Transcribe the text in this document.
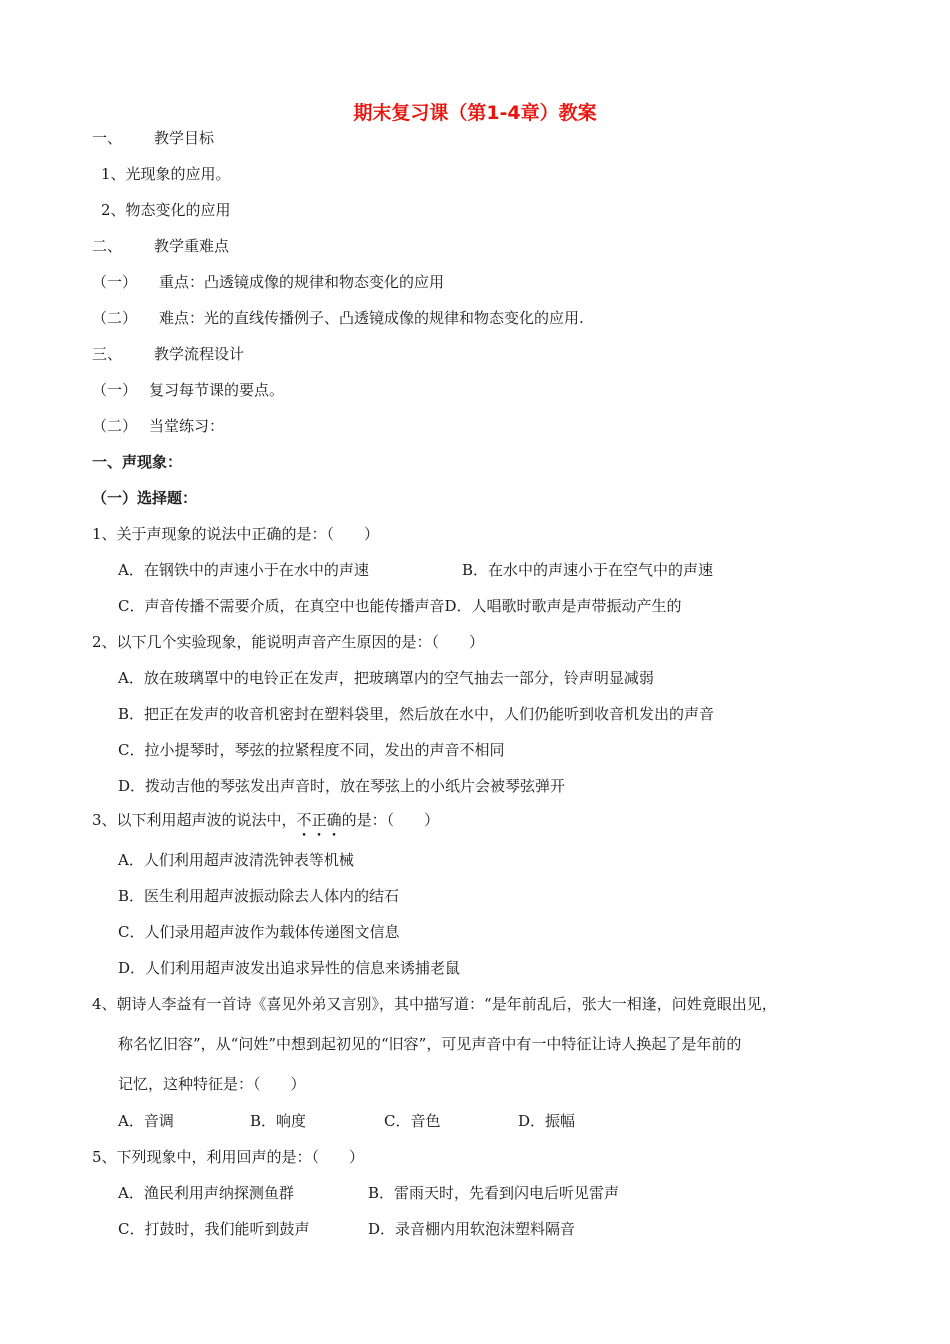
期末复习课（第1-4章）教案
一、 教学目标
1、光现象的应用。
2、物态变化的应用
二、 教学重难点
（一） 重点：凸透镜成像的规律和物态变化的应用
（二） 难点：光的直线传播例子、凸透镜成像的规律和物态变化的应用.
三、 教学流程设计
（一） 复习每节课的要点。
（二） 当堂练习：
一、声现象：
（一）选择题：
1、关于声现象的说法中正确的是：（　　）
A．在钢铁中的声速小于在水中的声速	B．在水中的声速小于在空气中的声速
C．声音传播不需要介质，在真空中也能传播声音D．人唱歌时歌声是声带振动产生的
2、以下几个实验现象，能说明声音产生原因的是：（　　）
A．放在玻璃罩中的电铃正在发声，把玻璃罩内的空气抽去一部分，铃声明显减弱
B．把正在发声的收音机密封在塑料袋里，然后放在水中，人们仍能听到收音机发出的声音
C．拉小提琴时，琴弦的拉紧程度不同，发出的声音不相同
D．拨动吉他的琴弦发出声音时，放在琴弦上的小纸片会被琴弦弹开
3、以下利用超声波的说法中，不正确的是：（　　）
A．人们利用超声波清洗钟表等机械
B．医生利用超声波振动除去人体内的结石
C．人们录用超声波作为载体传递图文信息
D．人们利用超声波发出追求异性的信息来诱捕老鼠
4、朝诗人李益有一首诗《喜见外弟又言别》，其中描写道：“是年前乱后，张大一相逢，问姓竟眼出见，
称名忆旧容”，从“问姓”中想到起初见的“旧容”，可见声音中有一中特征让诗人换起了是年前的
记忆，这种特征是：（　　）
A．音调	B．响度	C．音色	D．振幅
5、下列现象中，利用回声的是：（　　）
A．渔民利用声纳探测鱼群	B．雷雨天时，先看到闪电后听见雷声
C．打鼓时，我们能听到鼓声	D．录音棚内用软泡沫塑料隔音
